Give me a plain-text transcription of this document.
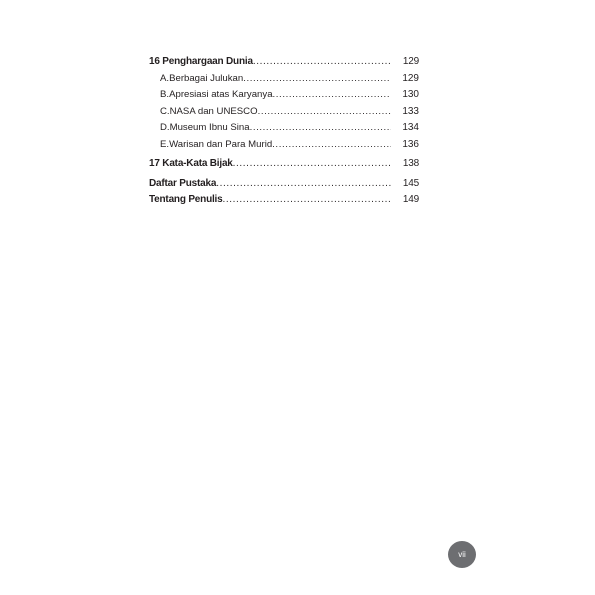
16 Penghargaan Dunia .....	129
A. Berbagai Julukan .....	129
B. Apresiasi atas Karyanya .....	130
C. NASA dan UNESCO .....	133
D. Museum Ibnu Sina .....	134
E. Warisan dan Para Murid .....	136
17 Kata-Kata Bijak .....	138
Daftar Pustaka .....	145
Tentang Penulis .....	149
vii
